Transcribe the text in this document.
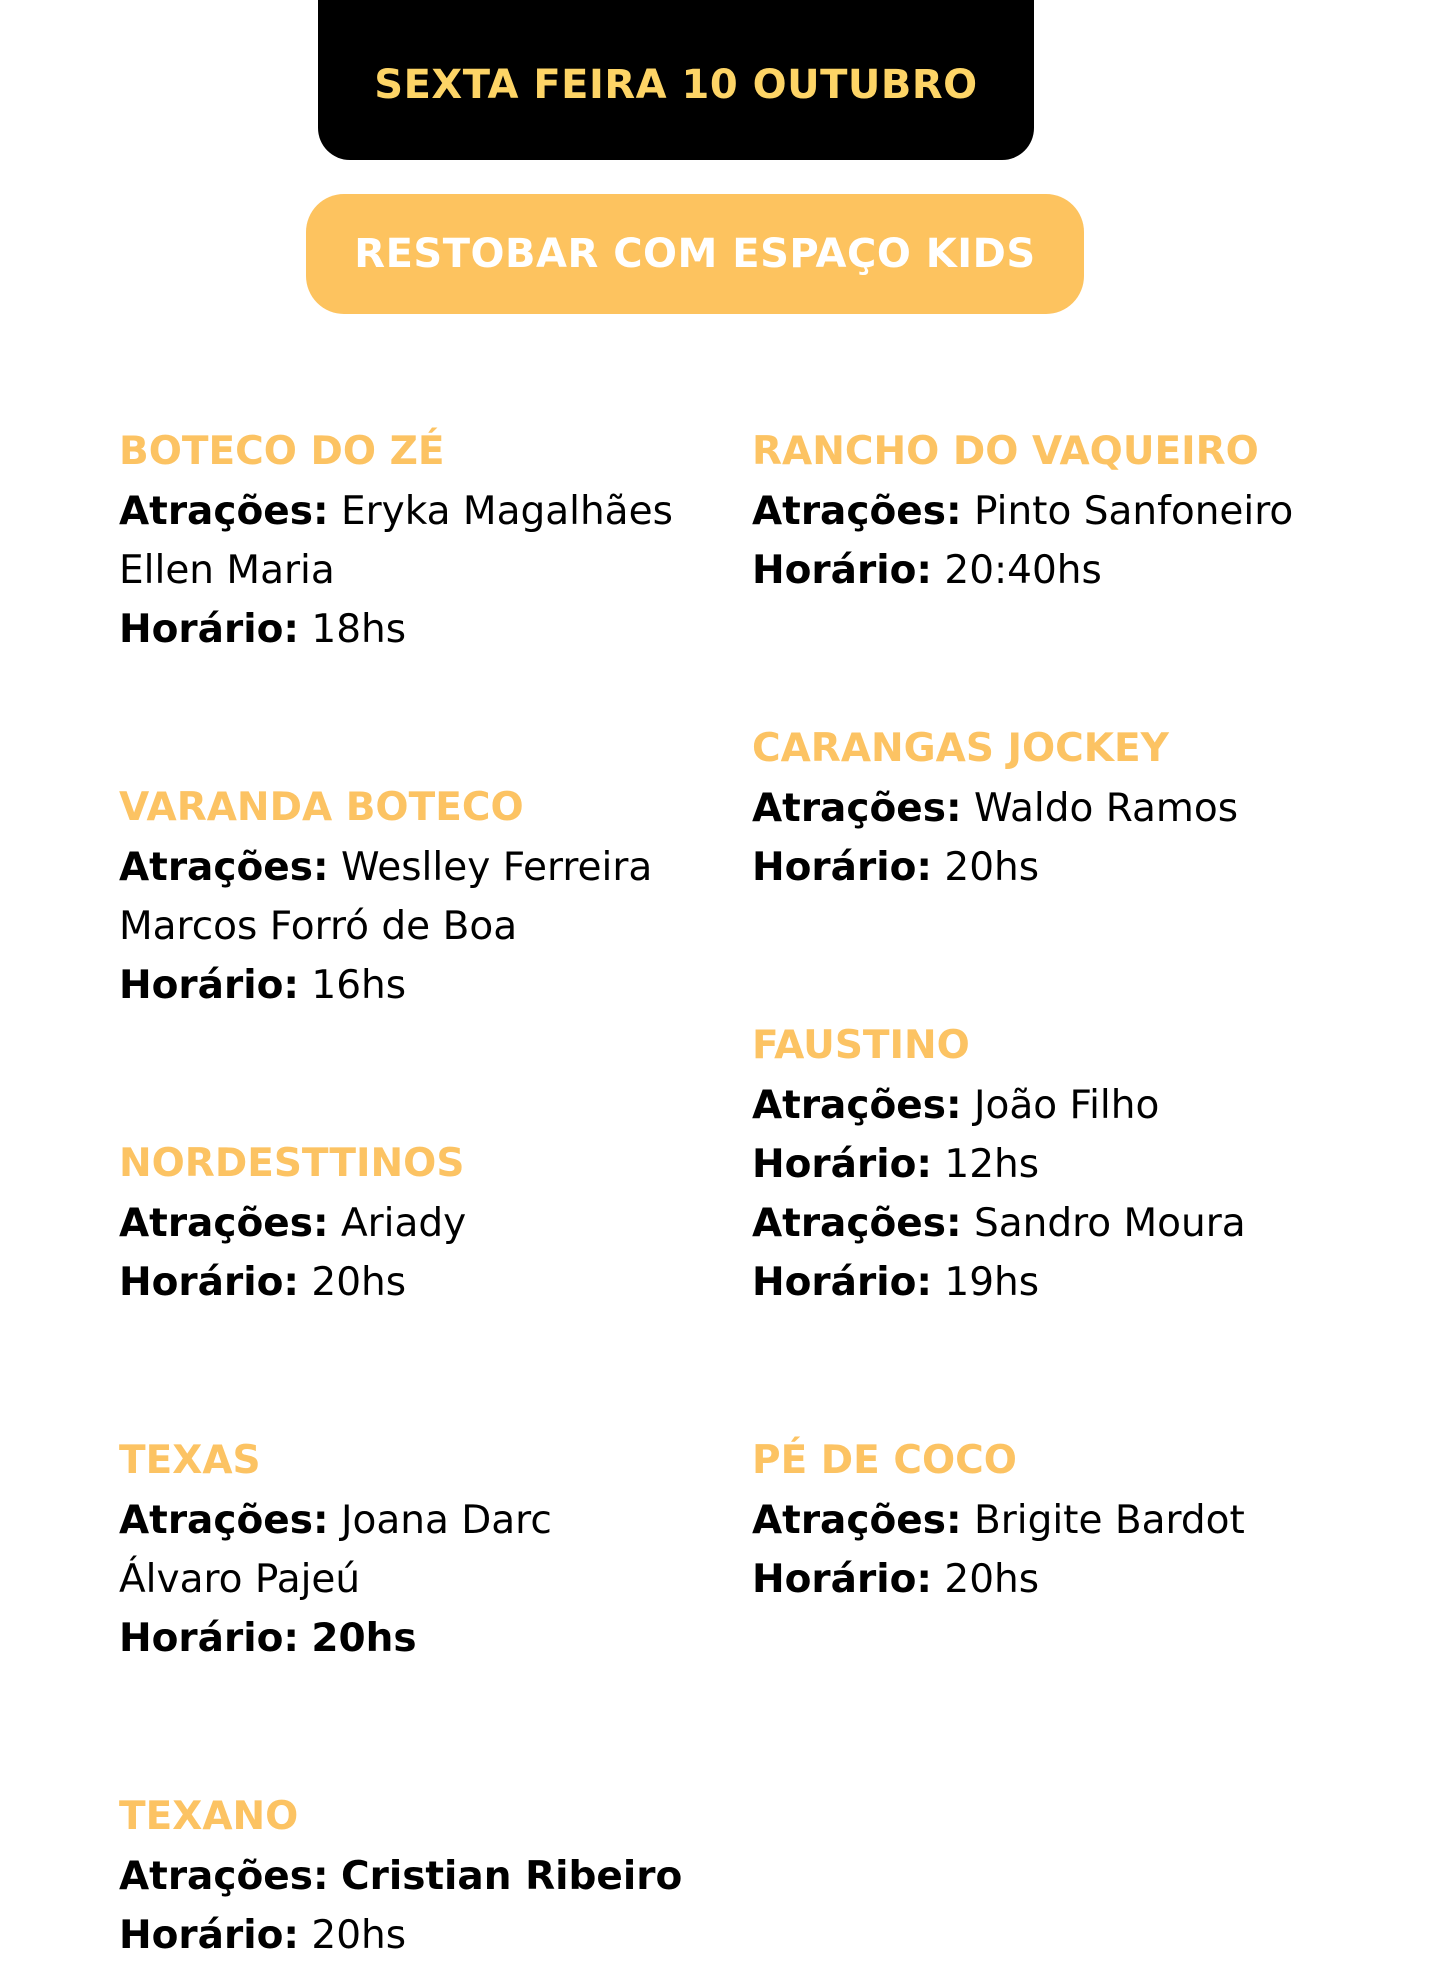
SEXTA FEIRA 10 OUTUBRO
RESTOBAR COM ESPAÇO KIDS
BOTECO DO ZÉ
Atrações: Eryka Magalhães
Ellen Maria
Horário: 18hs
VARANDA BOTECO
Atrações: Weslley Ferreira
Marcos Forró de Boa
Horário: 16hs
NORDESTTINOS
Atrações: Ariady
Horário: 20hs
TEXAS
Atrações: Joana Darc
Álvaro Pajeú
Horário: 20hs
TEXANO
Atrações: Cristian Ribeiro
Horário: 20hs
RANCHO DO VAQUEIRO
Atrações: Pinto Sanfoneiro
Horário: 20:40hs
CARANGAS JOCKEY
Atrações: Waldo Ramos
Horário: 20hs
FAUSTINO
Atrações: João Filho
Horário: 12hs
Atrações: Sandro Moura
Horário: 19hs
PÉ DE COCO
Atrações: Brigite Bardot
Horário: 20hs
